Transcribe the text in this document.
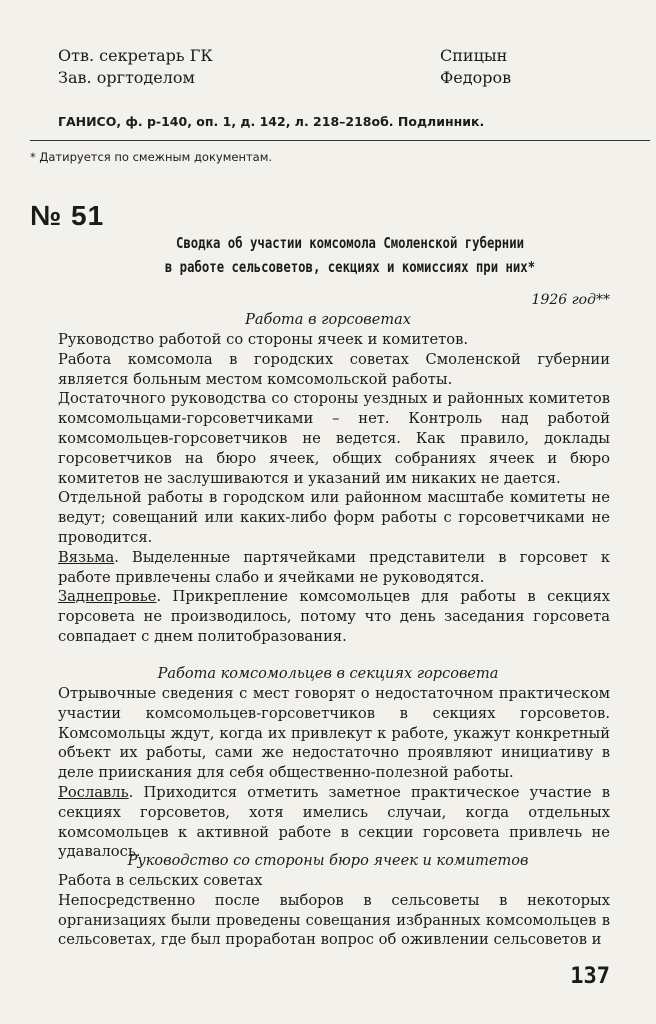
Отв. секретарь ГК	Спицын
Зав. оргтоделом	Федоров
ГАНИСО, ф. р-140, оп. 1, д. 142, л. 218–218об. Подлинник.
* Датируется по смежным документам.
№ 51
Сводка об участии комсомола Смоленской губернии
в работе сельсоветов, секциях и комиссиях при них*
1926 год**
Работа в горсоветах

Руководство работой со стороны ячеек и комитетов.

Работа комсомола в городских советах Смоленской губернии является больным местом комсомольской работы.

Достаточного руководства со стороны уездных и районных комитетов комсомольцами-горсоветчиками – нет. Контроль над работой комсомольцев-горсоветчиков не ведется. Как правило, доклады горсоветчиков на бюро ячеек, общих собраниях ячеек и бюро комитетов не заслушиваются и указаний им никаких не дается.

Отдельной работы в городском или районном масштабе комитеты не ведут; совещаний или каких-либо форм работы с горсоветчиками не проводится.

Вязьма. Выделенные партячейками представители в горсовет к работе привлечены слабо и ячейками не руководятся.

Заднепровье. Прикрепление комсомольцев для работы в секциях горсовета не производилось, потому что день заседания горсовета совпадает с днем политобразования.

Работа комсомольцев в секциях горсовета

Отрывочные сведения с мест говорят о недостаточном практическом участии комсомольцев-горсоветчиков в секциях горсоветов. Комсомольцы ждут, когда их привлекут к работе, укажут конкретный объект их работы, сами же недостаточно проявляют инициативу в деле приискания для себя общественно-полезной работы.

Рославль. Приходится отметить заметное практическое участие в секциях горсоветов, хотя имелись случаи, когда отдельных комсомольцев к активной работе в секции горсовета привлечь не удавалось.

Руководство со стороны бюро ячеек и комитетов

Работа в сельских советах

Непосредственно после выборов в сельсоветы в некоторых организациях были проведены совещания избранных комсомольцев в сельсоветах, где был проработан вопрос об оживлении сельсоветов и

137
